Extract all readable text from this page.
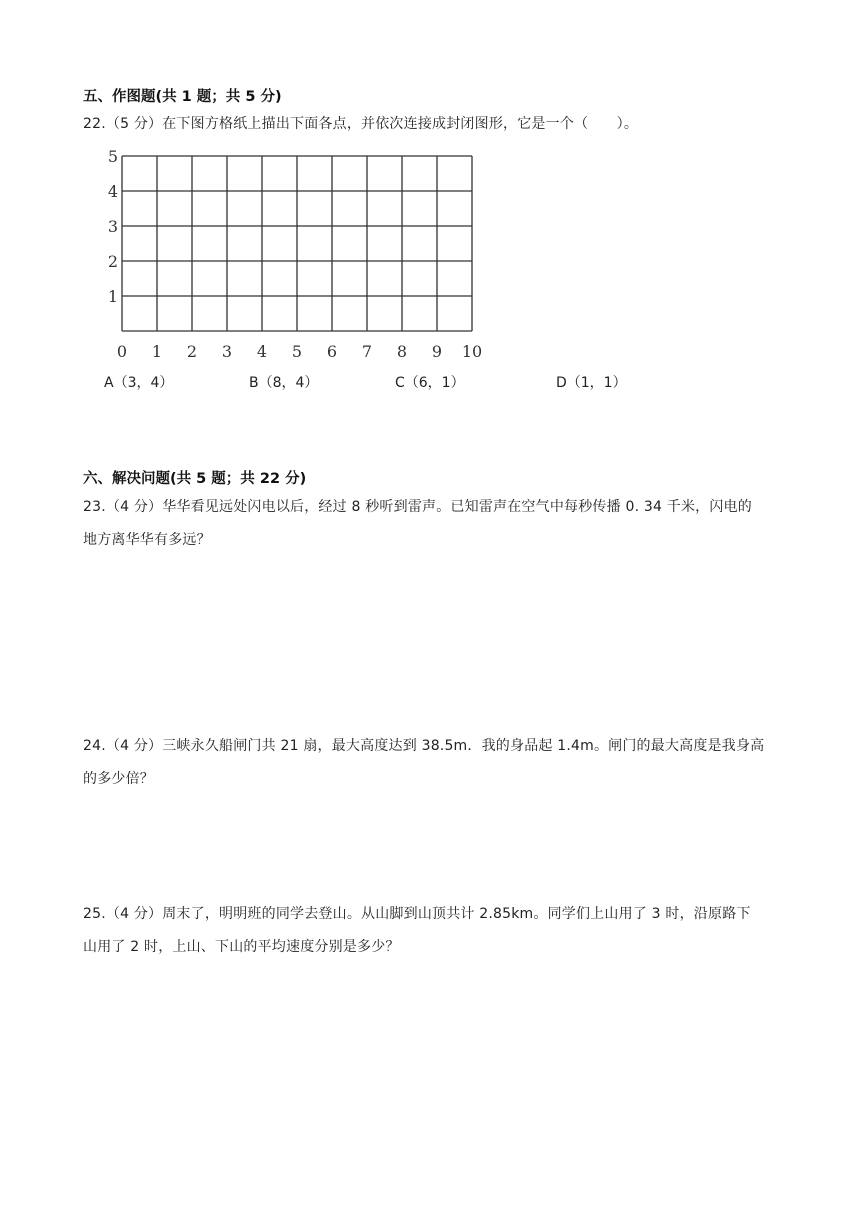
五、作图题(共 1 题；共 5 分)
22.（5 分）在下图方格纸上描出下面各点，并依次连接成封闭图形，它是一个（　　）。
0 1 2 3 4 5 6 7 8 9 10
1
2
3
4
5
A（3，4）	B（8，4）	C（6，1）	D（1，1）
六、解决问题(共 5 题；共 22 分)
23.（4 分）华华看见远处闪电以后，经过 8 秒听到雷声。已知雷声在空气中每秒传播 0. 34 千米，闪电的
地方离华华有多远？
24.（4 分）三峡永久船闸门共 21 扇，最大高度达到 38.5m．我的身品起 1.4m。闸门的最大高度是我身高
的多少倍？
25.（4 分）周末了，明明班的同学去登山。从山脚到山顶共计 2.85km。同学们上山用了 3 时，沿原路下
山用了 2 时，上山、下山的平均速度分别是多少？
